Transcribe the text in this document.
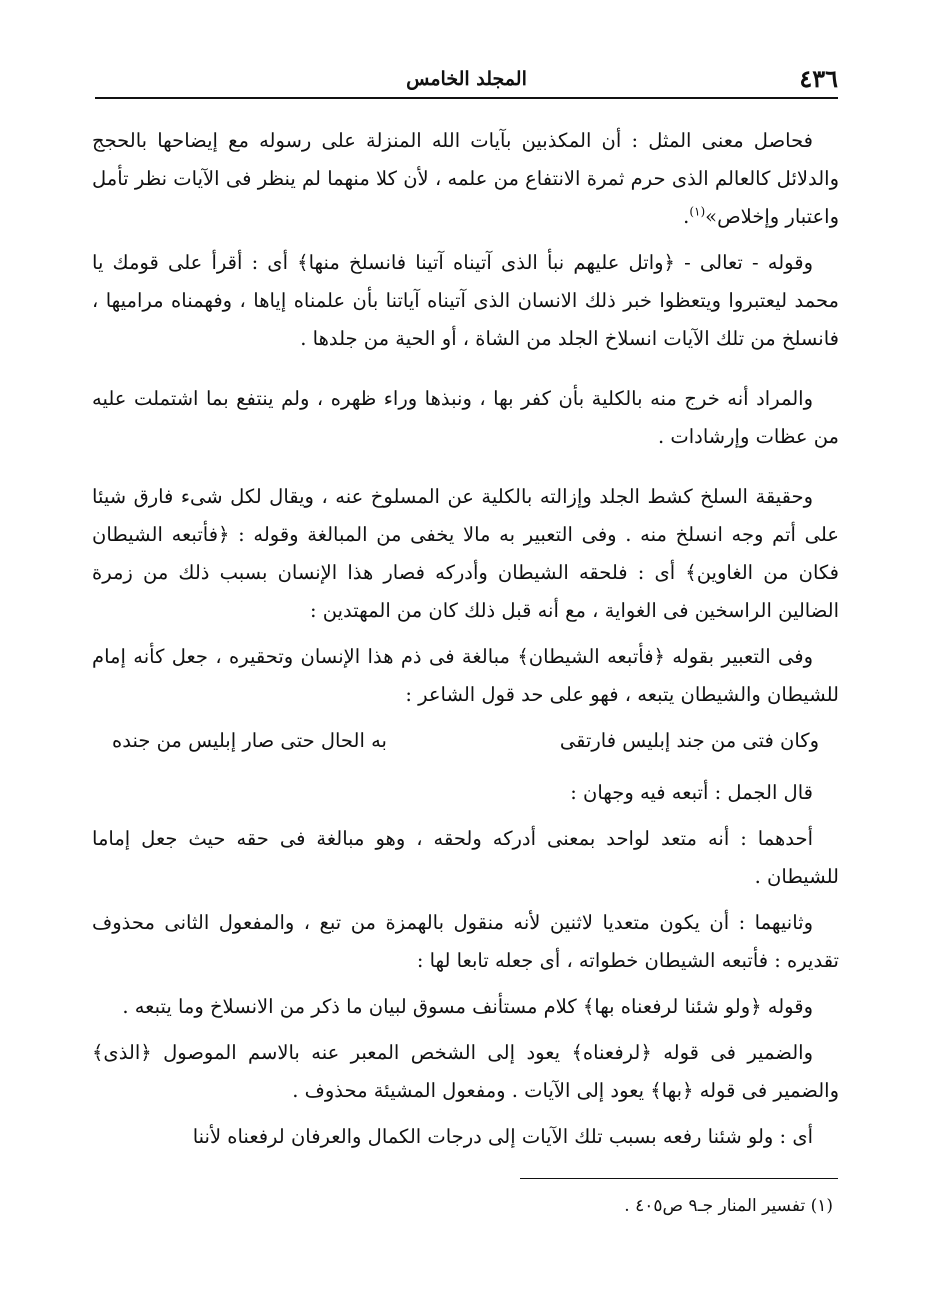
٤٣٦
المجلد الخامس

فحاصل معنى المثل : أن المكذبين بآيات الله المنزلة على رسوله مع إيضاحها بالحجج والدلائل كالعالم الذى حرم ثمرة الانتفاع من علمه ، لأن كلا منهما لم ينظر فى الآيات نظر تأمل واعتبار وإخلاص»$^{(١)}$.

وقوله - تعالى - ﴿واتل عليهم نبأ الذى آتيناه آتينا فانسلخ منها﴾ أى : أقرأ على قومك يا محمد ليعتبروا ويتعظوا خبر ذلك الانسان الذى آتيناه آياتنا بأن علمناه إياها ، وفهمناه مراميها ، فانسلخ من تلك الآيات انسلاخ الجلد من الشاة ، أو الحية من جلدها .

والمراد أنه خرج منه بالكلية بأن كفر بها ، ونبذها وراء ظهره ، ولم ينتفع بما اشتملت عليه من عظات وإرشادات .

وحقيقة السلخ كشط الجلد وإزالته بالكلية عن المسلوخ عنه ، ويقال لكل شىء فارق شيئا على أتم وجه انسلخ منه . وفى التعبير به مالا يخفى من المبالغة وقوله : ﴿فأتبعه الشيطان فكان من الغاوين﴾ أى : فلحقه الشيطان وأدركه فصار هذا الإنسان بسبب ذلك من زمرة الضالين الراسخين فى الغواية ، مع أنه قبل ذلك كان من المهتدين :

وفى التعبير بقوله ﴿فأتبعه الشيطان﴾ مبالغة فى ذم هذا الإنسان وتحقيره ، جعل كأنه إمام للشيطان والشيطان يتبعه ، فهو على حد قول الشاعر :

وكان فتى من جند إبليس فارتقى
به الحال حتى صار إبليس من جنده

قال الجمل : أتبعه فيه وجهان :

أحدهما : أنه متعد لواحد بمعنى أدركه ولحقه ، وهو مبالغة فى حقه حيث جعل إماما للشيطان .

وثانيهما : أن يكون متعديا لاثنين لأنه منقول بالهمزة من تبع ، والمفعول الثانى محذوف تقديره : فأتبعه الشيطان خطواته ، أى جعله تابعا لها :

وقوله ﴿ولو شئنا لرفعناه بها﴾ كلام مستأنف مسوق لبيان ما ذكر من الانسلاخ وما يتبعه .

والضمير فى قوله ﴿لرفعناه﴾ يعود إلى الشخص المعبر عنه بالاسم الموصول ﴿الذى﴾ والضمير فى قوله ﴿بها﴾ يعود إلى الآيات . ومفعول المشيئة محذوف .

أى : ولو شئنا رفعه بسبب تلك الآيات إلى درجات الكمال والعرفان لرفعناه لأننا

(١) تفسير المنار جـ٩ ص٤٠٥ .
